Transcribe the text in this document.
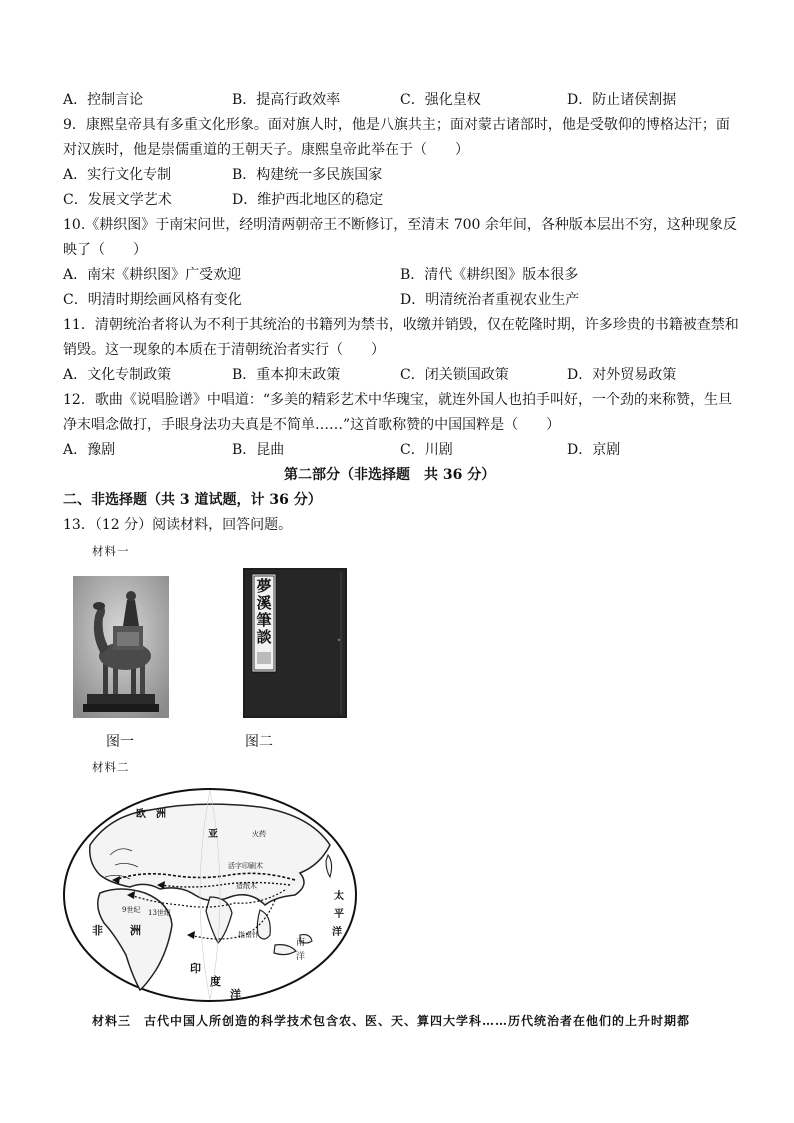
A．控制言论	B．提高行政效率	C．强化皇权	D．防止诸侯割据
9．康熙皇帝具有多重文化形象。面对旗人时，他是八旗共主；面对蒙古诸部时，他是受敬仰的博格达汗；面
对汉族时，他是崇儒重道的王朝天子。康熙皇帝此举在于（　　）
A．实行文化专制	B．构建统一多民族国家
C．发展文学艺术	D．维护西北地区的稳定
10.《耕织图》于南宋问世，经明清两朝帝王不断修订，至清末 700 余年间，各种版本层出不穷，这种现象反
映了（　　）
A．南宋《耕织图》广受欢迎	B．清代《耕织图》版本很多
C．明清时期绘画风格有变化	D．明清统治者重视农业生产
11．清朝统治者将认为不利于其统治的书籍列为禁书，收缴并销毁，仅在乾隆时期，许多珍贵的书籍被查禁和
销毁。这一现象的本质在于清朝统治者实行（　　）
A．文化专制政策	B．重本抑末政策	C．闭关锁国政策	D．对外贸易政策
12．歌曲《说唱脸谱》中唱道：“多美的精彩艺术中华瑰宝，就连外国人也拍手叫好，一个劲的来称赞，生旦
净末唱念做打，手眼身法功夫真是不简单……”这首歌称赞的中国国粹是（　　）
A．豫剧	B．昆曲	C．川剧	D．京剧
第二部分（非选择题　共 36 分）
二、非选择题（共 3 道试题，计 36 分）
13．（12 分）阅读材料，回答问题。
材料一
夢溪筆談
图一	图二
材料二
欧　洲
亚	火药
活字印刷术
造纸术
指南针
9世纪 13世纪
非 洲
印
度
洋
太
平
洋
南
洋
材料三　古代中国人所创造的科学技术包含农、医、天、算四大学科……历代统治者在他们的上升时期都
